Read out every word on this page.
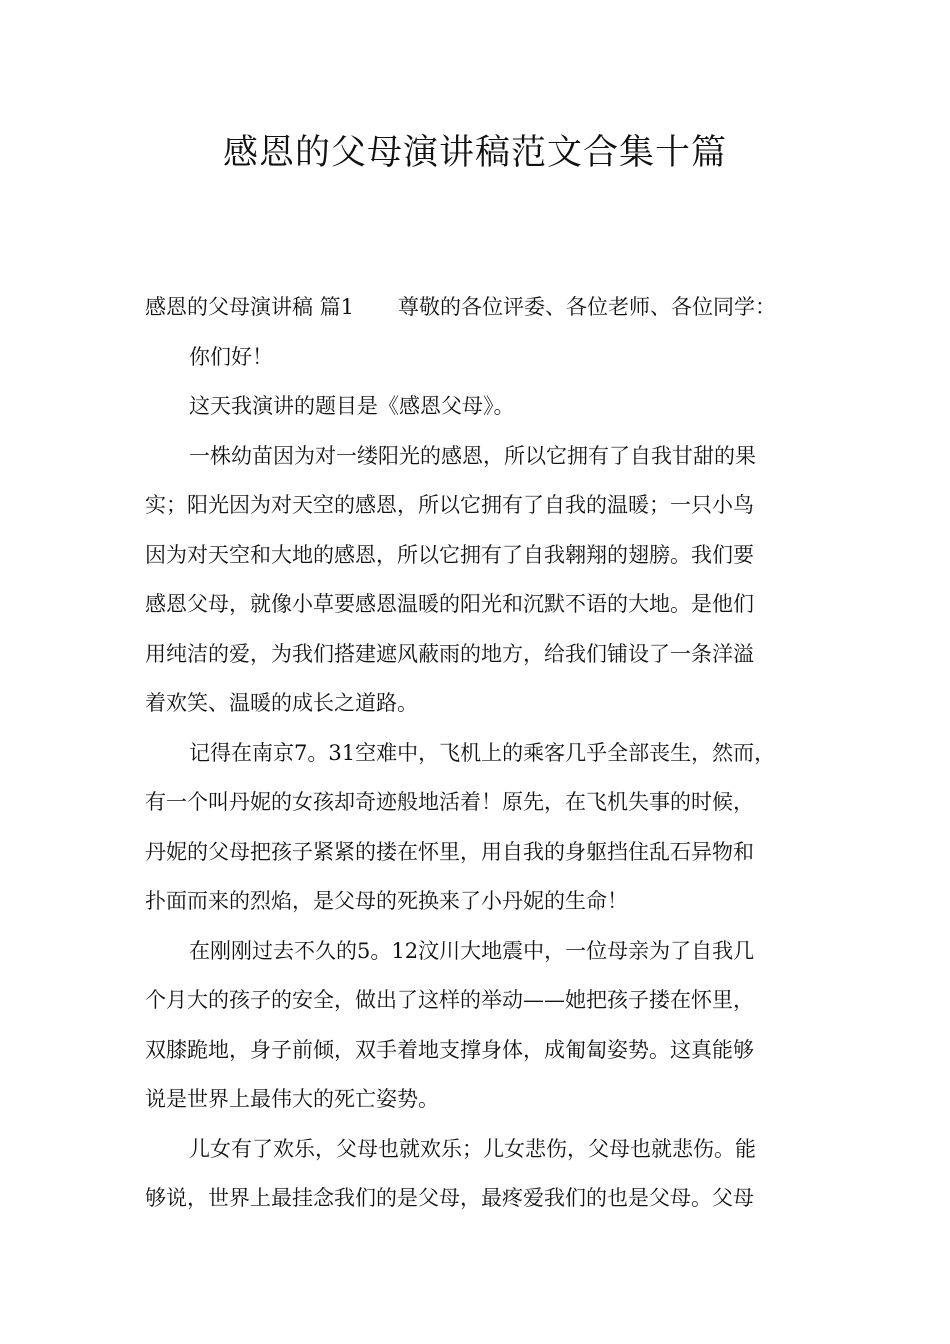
感恩的父母演讲稿范文合集十篇
感恩的父母演讲稿 篇1 尊敬的各位评委、各位老师、各位同学：
你们好！
这天我演讲的题目是《感恩父母》。
一株幼苗因为对一缕阳光的感恩，所以它拥有了自我甘甜的果
实；阳光因为对天空的感恩，所以它拥有了自我的温暖；一只小鸟
因为对天空和大地的感恩，所以它拥有了自我翱翔的翅膀。我们要
感恩父母，就像小草要感恩温暖的阳光和沉默不语的大地。是他们
用纯洁的爱，为我们搭建遮风蔽雨的地方，给我们铺设了一条洋溢
着欢笑、温暖的成长之道路。
记得在南京7。31空难中，飞机上的乘客几乎全部丧生，然而，
有一个叫丹妮的女孩却奇迹般地活着！原先，在飞机失事的时候，
丹妮的父母把孩子紧紧的搂在怀里，用自我的身躯挡住乱石异物和
扑面而来的烈焰，是父母的死换来了小丹妮的生命！
在刚刚过去不久的5。12汶川大地震中，一位母亲为了自我几
个月大的孩子的安全，做出了这样的举动——她把孩子搂在怀里，
双膝跪地，身子前倾，双手着地支撑身体，成匍匐姿势。这真能够
说是世界上最伟大的死亡姿势。
儿女有了欢乐，父母也就欢乐；儿女悲伤，父母也就悲伤。能
够说，世界上最挂念我们的是父母，最疼爱我们的也是父母。父母
